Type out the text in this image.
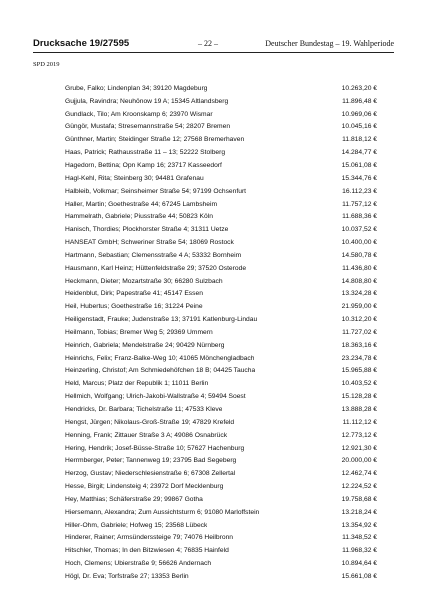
Drucksache 19/27595	– 22 –	Deutscher Bundestag – 19. Wahlperiode
SPD 2019
Grube, Falko; Lindenplan 34; 39120 Magdeburg	10.263,20 €
Gujjula, Ravindra; Neuhönow 19 A; 15345 Altlandsberg	11.896,48 €
Gundlack, Tilo; Am Kroonskamp 6; 23970 Wismar	10.969,06 €
Güngör, Mustafa; Stresemannstraße 54; 28207 Bremen	10.045,16 €
Günthner, Martin; Steidinger Straße 12; 27568 Bremerhaven	11.818,12 €
Haas, Patrick; Rathausstraße 11 – 13; 52222 Stolberg	14.284,77 €
Hagedorn, Bettina; Opn Kamp 16; 23717 Kasseedorf	15.061,08 €
Hagl-Kehl, Rita; Steinberg 30; 94481 Grafenau	15.344,76 €
Halbleib, Volkmar; Seinsheimer Straße 54; 97199 Ochsenfurt	16.112,23 €
Haller, Martin; Goethestraße 44; 67245 Lambsheim	11.757,12 €
Hammelrath, Gabriele; Piusstraße 44; 50823 Köln	11.688,36 €
Hanisch, Thordies; Plockhorster Straße 4; 31311 Uetze	10.037,52 €
HANSEAT GmbH; Schweriner Straße 54; 18069 Rostock	10.400,00 €
Hartmann, Sebastian; Clemensstraße 4 A; 53332 Bornheim	14.580,78 €
Hausmann, Karl Heinz; Hüttenfeldstraße 29; 37520 Osterode	11.436,80 €
Heckmann, Dieter; Mozartstraße 30; 66280 Sulzbach	14.808,80 €
Heidenblut, Dirk; Papestraße 41; 45147 Essen	13.324,28 €
Heil, Hubertus; Goethestraße 16; 31224 Peine	21.959,00 €
Heiligenstadt, Frauke; Judenstraße 13; 37191 Katlenburg-Lindau	10.312,20 €
Heilmann, Tobias; Bremer Weg 5; 29369 Ummern	11.727,02 €
Heinrich, Gabriela; Mendelstraße 24; 90429 Nürnberg	18.363,16 €
Heinrichs, Felix; Franz-Balke-Weg 10; 41065 Mönchengladbach	23.234,78 €
Heinzerling, Christof; Am Schmiedehöfchen 18 B; 04425 Taucha	15.965,88 €
Held, Marcus; Platz der Republik 1; 11011 Berlin	10.403,52 €
Hellmich, Wolfgang; Ulrich-Jakobi-Wallstraße 4; 59494 Soest	15.128,28 €
Hendricks, Dr. Barbara; Tichelstraße 11; 47533 Kleve	13.888,28 €
Hengst, Jürgen; Nikolaus-Groß-Straße 19; 47829 Krefeld	11.112,12 €
Henning, Frank; Zittauer Straße 3 A; 49086 Osnabrück	12.773,12 €
Hering, Hendrik; Josef-Büsse-Straße 10; 57627 Hachenburg	12.921,30 €
Herrmberger, Peter; Tannenweg 19; 23795 Bad Segeberg	20.000,00 €
Herzog, Gustav; Niederschlesienstraße 6; 67308 Zellertal	12.462,74 €
Hesse, Birgit; Lindensteig 4; 23972 Dorf Mecklenburg	12.224,52 €
Hey, Matthias; Schäferstraße 29; 99867 Gotha	19.758,68 €
Hiersemann, Alexandra; Zum Aussichtsturm 6; 91080 Marloffstein	13.218,24 €
Hiller-Ohm, Gabriele; Hofweg 15; 23568 Lübeck	13.354,92 €
Hinderer, Rainer; Armsünderssteige 79; 74076 Heilbronn	11.348,52 €
Hitschler, Thomas; In den Bitzwiesen 4; 76835 Hainfeld	11.968,32 €
Hoch, Clemens; Ubierstraße 9; 56626 Andernach	10.894,64 €
Högl, Dr. Eva; Torfstraße 27; 13353 Berlin	15.661,08 €
